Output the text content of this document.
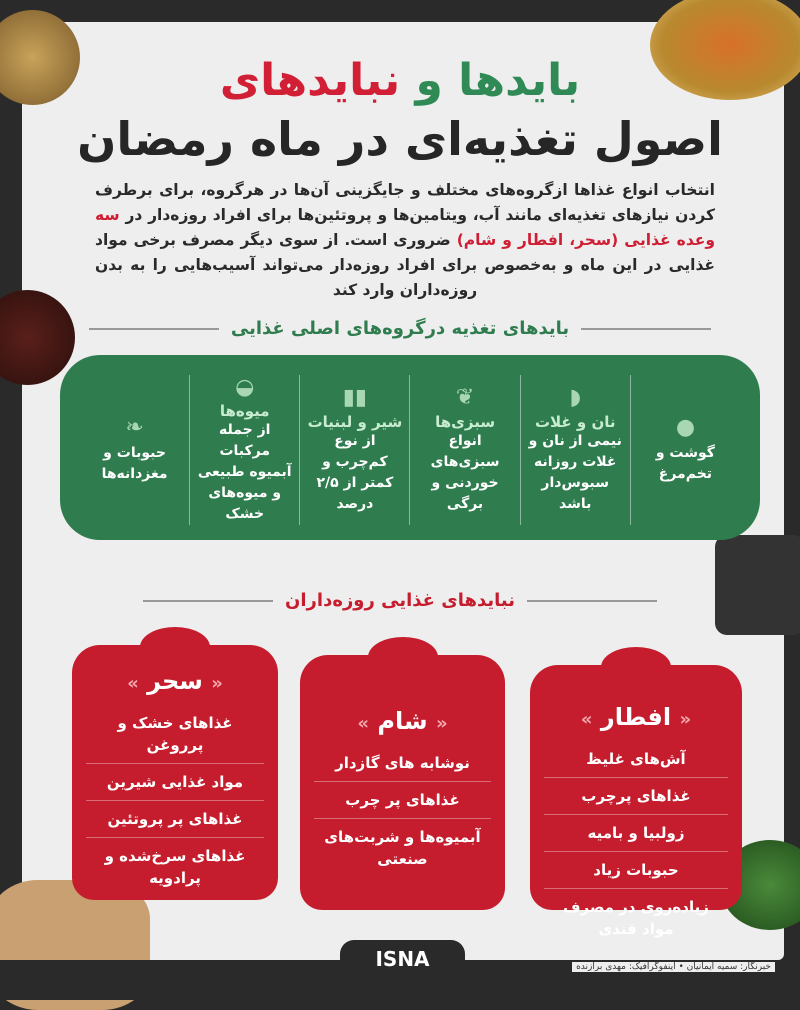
بایدها و نبایدهای
اصول تغذیه‌ای در ماه رمضان
انتخاب انواع غذاها ازگروه‌های مختلف و جایگزینی آن‌ها در هرگروه، برای برطرف کردن نیازهای تغذیه‌ای مانند آب، ویتامین‌ها و پروتئین‌ها برای افراد روزه‌دار در سه وعده غذایی (سحر، افطار و شام) ضروری است. از سوی دیگر مصرف برخی مواد غذایی در این ماه و به‌خصوص برای افراد روزه‌دار می‌تواند آسیب‌هایی را به بدن روزه‌داران وارد کند
بایدهای تغذیه درگروه‌های اصلی غذایی
●
گوشت و تخم‌مرغ
◗
نان و غلات
نیمی از نان و غلات روزانه سبوس‌دار باشد
❦
سبزی‌ها
انواع سبزی‌های خوردنی و برگی
▮▮
شیر و لبنیات
از نوع کم‌چرب و کمتر از ۲/۵ درصد
◒
میوه‌ها
از جمله مرکبات آبمیوه طبیعی و میوه‌های خشک
❧
حبوبات و مغزدانه‌ها
نبایدهای غذایی روزه‌داران
« افطار »
آش‌های غلیظ
غذاهای پرچرب
زولبیا و بامیه
حبوبات زیاد
زیاده‌روی در مصرف مواد قندی
« شام »
نوشابه های گازدار
غذاهای پر چرب
آبمیوه‌ها و شربت‌های صنعتی
« سحر »
غذاهای خشک و پرروغن
مواد غذایی شیرین
غذاهای پر پروتئین
غذاهای سرخ‌شده و پرادویه
ISNA	خبرنگار: سمیه ایمانیان • اینفوگرافیک: مهدی برازنده
